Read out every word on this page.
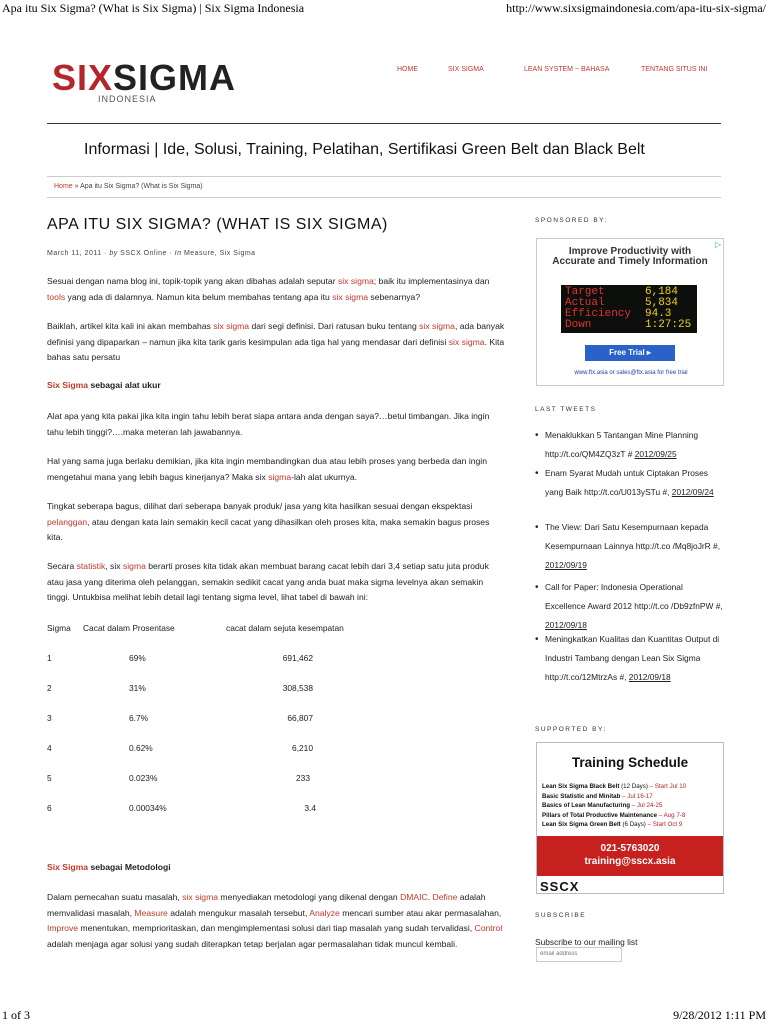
Apa itu Six Sigma? (What is Six Sigma) | Six Sigma Indonesia	http://www.sixsigmaindonesia.com/apa-itu-six-sigma/
SIXSIGMA
INDONESIA
HOME	SIX SIGMA	LEAN SYSTEM ~ BAHASA	TENTANG SITUS INI
Informasi | Ide, Solusi, Training, Pelatihan, Sertifikasi Green Belt dan Black Belt
Home » Apa itu Six Sigma? (What is Six Sigma)
APA ITU SIX SIGMA? (WHAT IS SIX SIGMA)
March 11, 2011 · by SSCX Online · In Measure, Six Sigma
Sesuai dengan nama blog ini, topik-topik yang akan dibahas adalah seputar six sigma; baik itu implementasinya dan tools yang ada di dalamnya. Namun kita belum membahas tentang apa itu six sigma sebenarnya?
Baiklah, artikel kita kali ini akan membahas six sigma dari segi definisi. Dari ratusan buku tentang six sigma, ada banyak definisi yang dipaparkan – namun jika kita tarik garis kesimpulan ada tiga hal yang mendasar dari definisi six sigma. Kita bahas satu persatu
Six Sigma sebagai alat ukur
Alat apa yang kita pakai jika kita ingin tahu lebih berat siapa antara anda dengan saya?…betul timbangan. Jika ingin tahu lebih tinggi?….maka meteran lah jawabannya.
Hal yang sama juga berlaku demikian, jika kita ingin membandingkan dua atau lebih proses yang berbeda dan ingin mengetahui mana yang lebih bagus kinerjanya? Maka six sigma-lah alat ukurnya.
Tingkat seberapa bagus, dilihat dari seberapa banyak produk/ jasa yang kita hasilkan sesuai dengan ekspektasi pelanggan, atau dengan kata lain semakin kecil cacat yang dihasilkan oleh proses kita, maka semakin bagus proses kita.
Secara statistik, six sigma berarti proses kita tidak akan membuat barang cacat lebih dari 3,4 setiap satu juta produk atau jasa yang diterima oleh pelanggan, semakin sedikit cacat yang anda buat maka sigma levelnya akan semakin tinggi. Untukbisa melihat lebih detail lagi tentang sigma level, lihat tabel di bawah ini:
Sigma Cacat dalam Prosentase	cacat dalam sejuta kesempatan
1	69%	691,462
2	31%	308,538
3	6.7%	66,807
4	0.62%	6,210
5	0.023%	233
6	0.00034%	3.4
Six Sigma sebagai Metodologi
Dalam pemecahan suatu masalah, six sigma menyediakan metodologi yang dikenal dengan DMAIC. Define adalah memvalidasi masalah, Measure adalah mengukur masalah tersebut, Analyze mencari sumber atau akar permasalahan, Improve menentukan, memprioritaskan, dan mengimplementasi solusi dari tiap masalah yang sudah tervalidasi, Control adalah menjaga agar solusi yang sudah diterapkan tetap berjalan agar permasalahan tidak muncul kembali.
SPONSORED BY:
▷
Improve Productivity with Accurate and Timely Information
Target	6,184
Actual	5,834
Efficiency 94.3
Down	1:27:25
Free Trial ▸
www.ftx.asia or sales@ftx.asia for free trial
LAST TWEETS
• Menaklukkan 5 Tantangan Mine Planning http://t.co/QM4ZQ3zT # 2012/09/25
• Enam Syarat Mudah untuk Ciptakan Proses yang Baik http://t.co/U013ySTu #, 2012/09/24
• The View: Dari Satu Kesempurnaan kepada Kesempurnaan Lainnya http://t.co /Mq8joJrR #, 2012/09/19
• Call for Paper: Indonesia Operational Excellence Award 2012 http://t.co /Db9zfnPW #, 2012/09/18
• Meningkatkan Kualitas dan Kuantitas Output di Industri Tambang dengan Lean Six Sigma http://t.co/12MtrzAs #, 2012/09/18
SUPPORTED BY:
Training Schedule
Lean Six Sigma Black Belt (12 Days) – Start Jul 10
Basic Statistic and Minitab – Jul 16-17
Basics of Lean Manufacturing – Jul 24-25
Pillars of Total Productive Maintenance – Aug 7-8
Lean Six Sigma Green Belt (6 Days) – Start Oct 9
021-5763020
training@sscx.asia
SSCX
SUBSCRIBE
Subscribe to our mailing list
email address
1 of 3	9/28/2012 1:11 PM
